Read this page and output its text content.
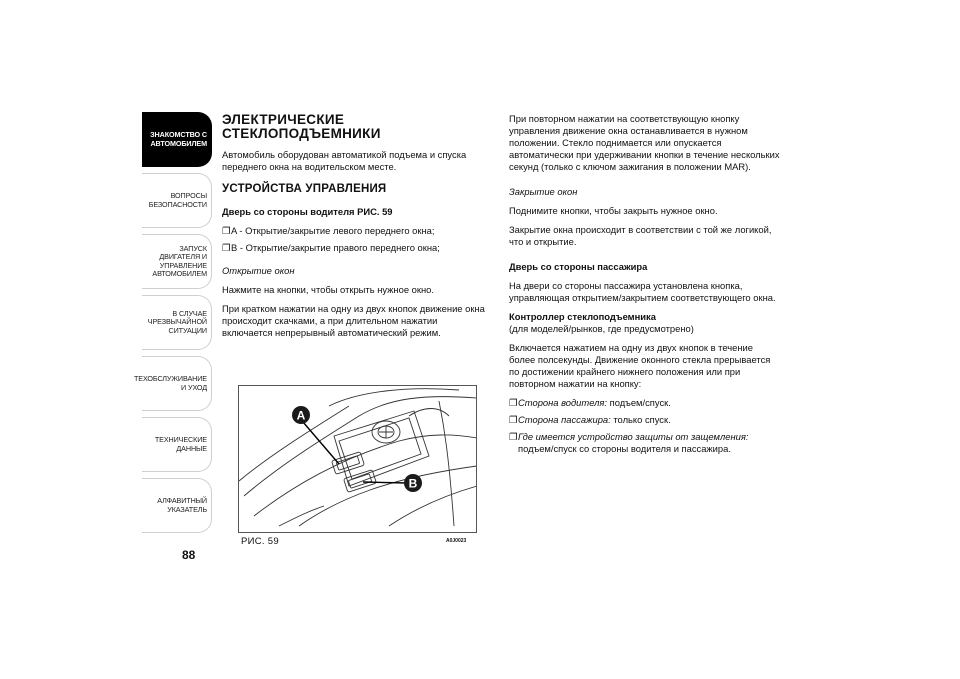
ЗНАКОМСТВО С
АВТОМОБИЛЕМ
ВОПРОСЫ
БЕЗОПАСНОСТИ
ЗАПУСК ДВИГАТЕЛЯ И
УПРАВЛЕНИЕ
АВТОМОБИЛЕМ
В СЛУЧАЕ
ЧРЕЗВЫЧАЙНОЙ
СИТУАЦИИ
ТЕХОБСЛУЖИВАНИЕ
И УХОД
ТЕХНИЧЕСКИЕ
ДАННЫЕ
АЛФАВИТНЫЙ
УКАЗАТЕЛЬ
88
ЭЛЕКТРИЧЕСКИЕ
СТЕКЛОПОДЪЕМНИКИ

Автомобиль оборудован автоматикой подъема и спуска переднего окна на водительском месте.

УСТРОЙСТВА УПРАВЛЕНИЯ

Дверь со стороны водителя РИС. 59

❐ A - Открытие/закрытие левого переднего окна;
❐ B - Открытие/закрытие правого переднего окна;

Открытие окон

Нажмите на кнопки, чтобы открыть нужное окно.

При кратком нажатии на одну из двух кнопок движение окна происходит скачками, а при длительном нажатии включается непрерывный автоматический режим.

A
B
РИС. 59	A0J0023

При повторном нажатии на соответствующую кнопку управления движение окна останавливается в нужном положении. Стекло поднимается или опускается автоматически при удерживании кнопки в течение нескольких секунд (только с ключом зажигания в положении MAR).

Закрытие окон

Поднимите кнопки, чтобы закрыть нужное окно.

Закрытие окна происходит в соответствии с той же логикой, что и открытие.

Дверь со стороны пассажира

На двери со стороны пассажира установлена кнопка, управляющая открытием/закрытием соответствующего окна.

Контроллер стеклоподъемника
(для моделей/рынков, где предусмотрено)

Включается нажатием на одну из двух кнопок в течение более полсекунды. Движение оконного стекла прерывается по достижении крайнего нижнего положения или при повторном нажатии на кнопку:

❐ Сторона водителя: подъем/спуск.
❐ Сторона пассажира: только спуск.
❐ Где имеется устройство защиты от защемления: подъем/спуск со стороны водителя и пассажира.
